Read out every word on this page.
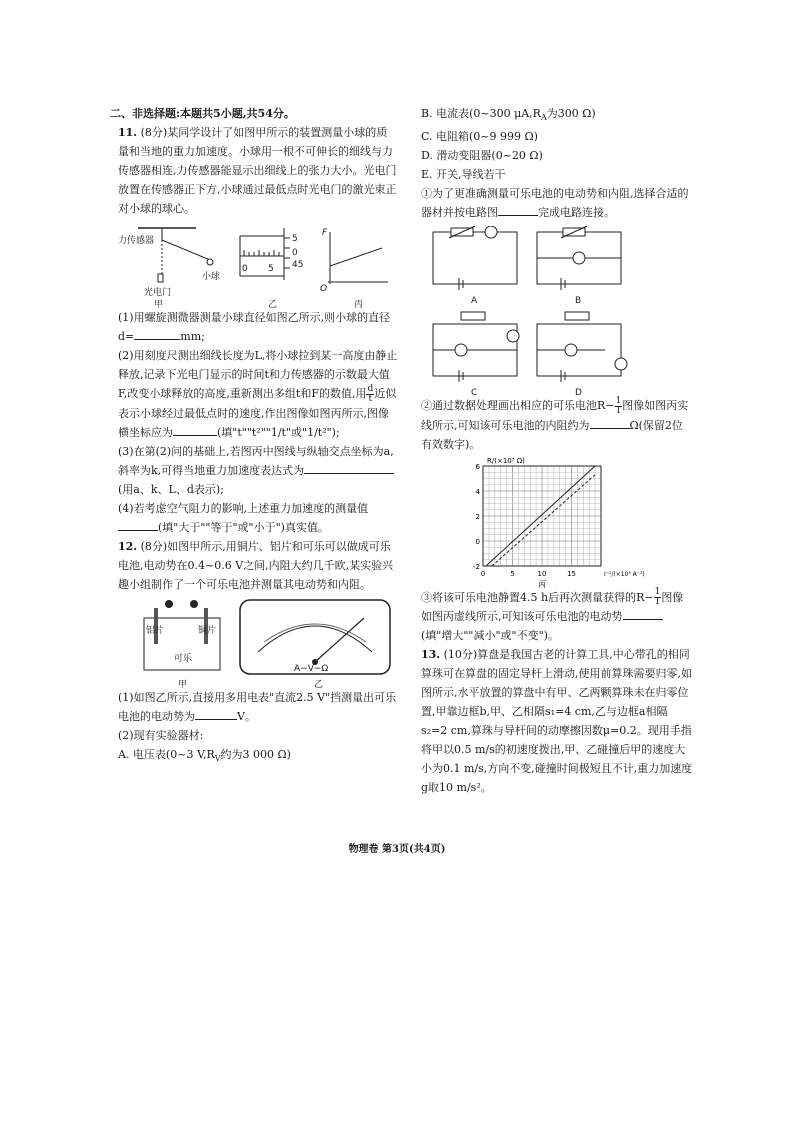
二、非选择题:本题共5小题,共54分。

11. (8分)某同学设计了如图甲所示的装置测量小球的质量和当地的重力加速度。小球用一根不可伸长的细线与力传感器相连,力传感器能显示出细线上的张力大小。光电门放置在传感器正下方,小球通过最低点时光电门的激光束正对小球的球心。

力传感器
小球
光电门
甲
0 5
5
0
45
乙
F
O
丙

(1)用螺旋测微器测量小球直径如图乙所示,则小球的直径 d=	mm;

(2)用刻度尺测出细线长度为L,将小球拉到某一高度由静止释放,记录下光电门显示的时间t和力传感器的示数最大值F,改变小球释放的高度,重新测出多组t和F的数值,用 $\frac{d}{t}$ 近似表示小球经过最低点时的速度,作出图像如图丙所示,图像横坐标应为	(填"t""t²""1/t"或"1/t²");

(3)在第(2)问的基础上,若图丙中图线与纵轴交点坐标为a,斜率为k,可得当地重力加速度表达式为(用a、k、L、d表示);

(4)若考虑空气阻力的影响,上述重力加速度的测量值(填"大于""等于"或"小于")真实值。

12. (8分)如图甲所示,用铜片、铝片和可乐可以做成可乐电池,电动势在0.4~0.6 V之间,内阻大约几千欧,某实验兴趣小组制作了一个可乐电池并测量其电动势和内阻。

铝片	铜片
可乐
甲
A−V−Ω
乙

(1)如图乙所示,直接用多用电表"直流2.5 V"挡测量出可乐电池的电动势为	V。

(2)现有实验器材:

A. 电压表(0~3 $V,R_V$约为3 000 Ω)

B. 电流表(0~300 $\mu A,R_A$为300 Ω)

C. 电阻箱(0~9 999 Ω)

D. 滑动变阻器(0~20 Ω)

E. 开关,导线若干

①为了更准确测量可乐电池的电动势和内阻,选择合适的器材并按电路图	完成电路连接。

A	B
C	D

②通过数据处理画出相应的可乐电池$R- \frac{1}{I}$ 图像如图丙实线所示,可知该可乐电池的内阻约为	Ω(保留2位有效数字)。

0	5	10	15
6
4
2
0
-2
R/(×10³ Ω)
I⁻¹/(×10³ A⁻¹)
丙

③将该可乐电池静置4.5 h后再次测量获得的$R- \frac{1}{I}$ 图像如图丙虚线所示,可知该可乐电池的电动势(填"增大""减小"或"不变")。

13. (10分)算盘是我国古老的计算工具,中心带孔的相同算珠可在算盘的固定导杆上滑动,使用前算珠需要归零,如图所示,水平放置的算盘中有甲、乙两颗算珠未在归零位置,甲靠边框b,甲、乙相隔s₁=4 cm,乙与边框a相隔s₂=2 cm,算珠与导杆间的动摩擦因数μ=0.2。现用手指将甲以0.5 m/s的初速度拨出,甲、乙碰撞后甲的速度大小为0.1 m/s,方向不变,碰撞时间极短且不计,重力加速度g取10 m/s²。

物理卷 第3页(共4页)
